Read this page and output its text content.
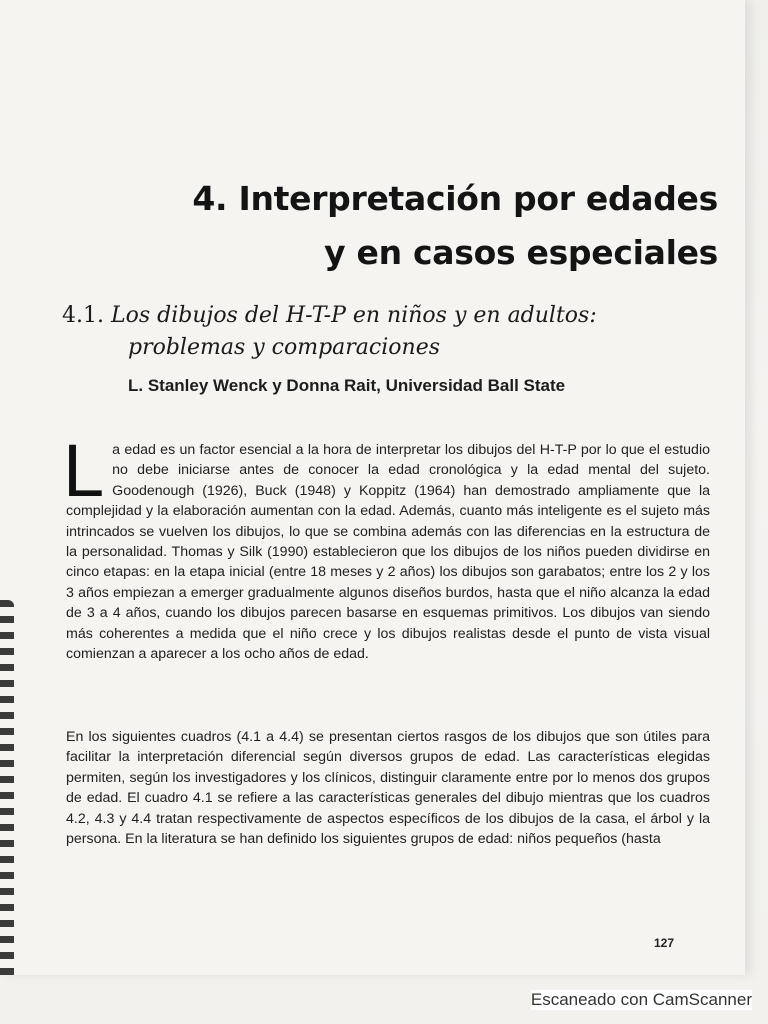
4. Interpretación por edades
y en casos especiales
4.1. Los dibujos del H-T-P en niños y en adultos:
problemas y comparaciones
L. Stanley Wenck y Donna Rait, Universidad Ball State
L a edad es un factor esencial a la hora de interpretar los dibujos del H-T-P por lo que el estudio no debe iniciarse antes de conocer la edad cronológica y la edad mental del sujeto. Goodenough (1926), Buck (1948) y Koppitz (1964) han demostrado ampliamente que la complejidad y la elaboración aumentan con la edad. Además, cuanto más inteligente es el sujeto más intrincados se vuelven los dibujos, lo que se combina además con las diferencias en la estructura de la personalidad. Thomas y Silk (1990) establecieron que los dibujos de los niños pueden dividirse en cinco etapas: en la etapa inicial (entre 18 meses y 2 años) los dibujos son garabatos; entre los 2 y los 3 años empiezan a emerger gradualmente algunos diseños burdos, hasta que el niño alcanza la edad de 3 a 4 años, cuando los dibujos parecen basarse en esquemas primitivos. Los dibujos van siendo más coherentes a medida que el niño crece y los dibujos realistas desde el punto de vista visual comienzan a aparecer a los ocho años de edad.
En los siguientes cuadros (4.1 a 4.4) se presentan ciertos rasgos de los dibujos que son útiles para facilitar la interpretación diferencial según diversos grupos de edad. Las características elegidas permiten, según los investigadores y los clínicos, distinguir claramente entre por lo menos dos grupos de edad. El cuadro 4.1 se refiere a las características generales del dibujo mientras que los cuadros 4.2, 4.3 y 4.4 tratan respectivamente de aspectos específicos de los dibujos de la casa, el árbol y la persona. En la literatura se han definido los siguientes grupos de edad: niños pequeños (hasta
127
Escaneado con CamScanner
